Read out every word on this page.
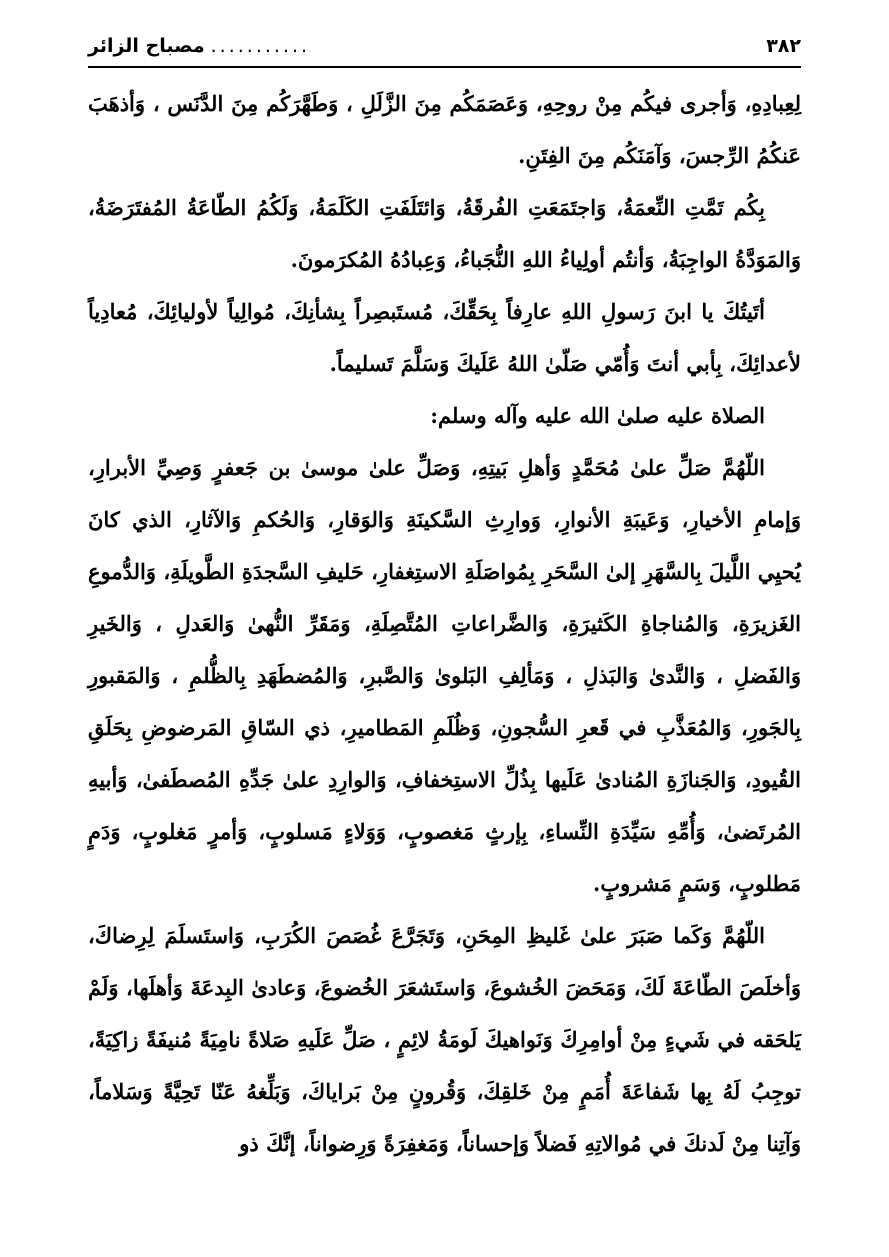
٣٨٢
...........
مصباح الزائر

لِعِبادِهِ، وَأجرى فيكُم مِنْ روحِهِ، وَعَصَمَكُم مِنَ الزَّلَلِ ، وَطَهَّرَكُم مِنَ الدَّنَس ، وَأذهَبَ عَنكُمُ الرِّجسَ، وَآمَنَكُم مِنَ الفِتَنِ.

بِكُم تَمَّتِ النِّعمَةُ، وَاجتَمَعَتِ الفُرقَةُ، وَائتَلَفَتِ الكَلَمَةُ، وَلَكُمُ الطّاعَةُ المُفتَرَضَةُ، وَالمَوَدَّةُ الواجِبَةُ، وَأنتُم أولِياءُ اللهِ النُّجَباءُ، وَعِبادُهُ المُكرَمونَ.

أتَيتُكَ يا ابنَ رَسولِ اللهِ عارِفاً بِحَقِّكَ، مُستَبصِراً بِشأنِكَ، مُوالِياً لأوليائِكَ، مُعادِياً لأعدائِكَ، بِأبي أنتَ وَأُمّي صَلّىٰ اللهُ عَلَيكَ وَسَلَّمَ تَسليماً.

الصلاة عليه صلىٰ الله عليه وآله وسلم:

اللّهُمَّ صَلِّ علىٰ مُحَمَّدٍ وَأهلِ بَيتِهِ، وَصَلِّ علىٰ موسىٰ بن جَعفرٍ وَصِيِّ الأبرارِ، وَإمامِ الأخيارِ، وَعَيبَةِ الأنوارِ، وَوارِثِ السَّكينَةِ وَالوَقارِ، وَالحُكمِ وَالآثارِ، الذي كانَ يُحيِي اللَّيلَ بِالسَّهَرِ إلىٰ السَّحَرِ بِمُواصَلَةِ الاستِغفارِ، حَليفِ السَّجدَةِ الطَّويلَةِ، وَالدُّموعِ الغَزيرَةِ، وَالمُناجاةِ الكَثيرَةِ، وَالضَّراعاتِ المُتَّصِلَةِ، وَمَقَرِّ النُّهىٰ وَالعَدلِ ، وَالخَيرِ وَالفَضلِ ، وَالنَّدىٰ وَالبَذلِ ، وَمَألِفِ البَلوىٰ وَالصَّبرِ، وَالمُضطَهَدِ بِالظُّلمِ ، وَالمَقبورِ بِالجَورِ، وَالمُعَذَّبِ في قَعرِ السُّجونِ، وَظُلَمِ المَطاميرِ، ذي السّاقِ المَرضوضِ بِحَلَقِ القُيودِ، وَالجَنازَةِ المُنادىٰ عَلَيها بِذُلِّ الاستِخفافِ، وَالوارِدِ علىٰ جَدِّهِ المُصطَفىٰ، وَأبيهِ المُرتَضىٰ، وَأُمِّهِ سَيِّدَةِ النِّساءِ، بِإرثٍ مَغصوبٍ، وَوَلاءٍ مَسلوبٍ، وَأمرٍ مَغلوبٍ، وَدَمٍ مَطلوبٍ، وَسَمٍ مَشروبٍ.

اللّهُمَّ وَكَما صَبَرَ علىٰ غَليظِ المِحَنِ، وَتَجَرَّعَ غُصَصَ الكُرَبِ، وَاستَسلَمَ لِرِضاكَ، وَأخلَصَ الطّاعَةَ لَكَ، وَمَحَضَ الخُشوعَ، وَاستَشعَرَ الخُضوعَ، وَعادىٰ البِدعَةَ وَأهلَها، وَلَمْ يَلحَقه في شَيءٍ مِنْ أوامِرِكَ وَنَواهيكَ لَومَةُ لائِمٍ ، صَلِّ عَلَيهِ صَلاةً نامِيَةً مُنيفَةً زاكِيَةً، توجِبُ لَهُ بِها شَفاعَةَ أُمَمٍ مِنْ خَلقِكَ، وَقُرونٍ مِنْ بَراياكَ، وَبَلِّغهُ عَنّا تَحِيَّةً وَسَلاماً، وَآتِنا مِنْ لَدنكَ في مُوالاتِهِ فَضلاً وَإحساناً، وَمَغفِرَةً وَرِضواناً، إنَّكَ ذو
